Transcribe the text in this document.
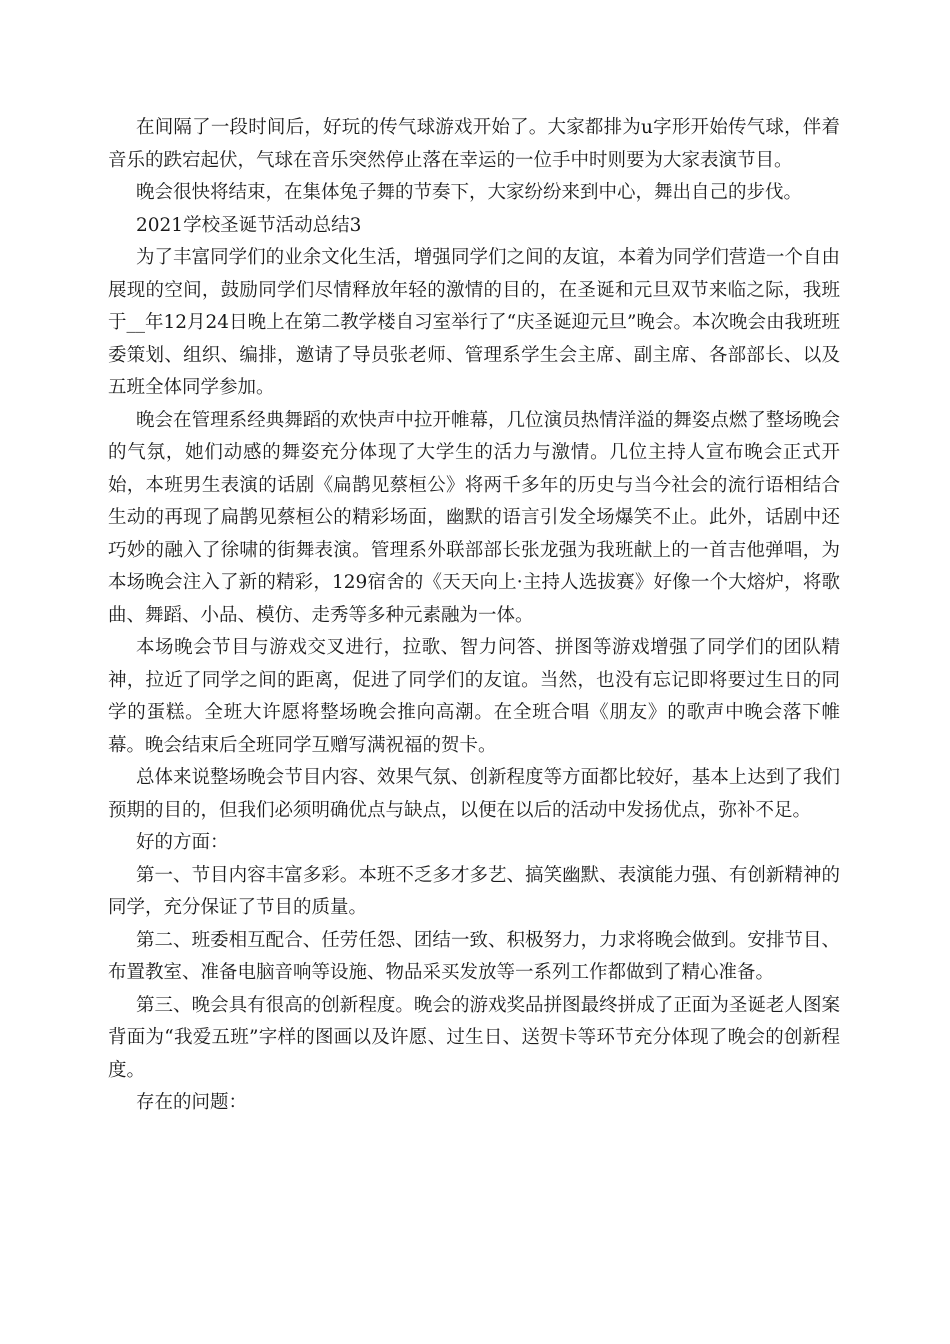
在间隔了一段时间后，好玩的传气球游戏开始了。大家都排为u字形开始传气球，伴着音乐的跌宕起伏，气球在音乐突然停止落在幸运的一位手中时则要为大家表演节目。

晚会很快将结束，在集体兔子舞的节奏下，大家纷纷来到中心，舞出自己的步伐。

2021学校圣诞节活动总结3

为了丰富同学们的业余文化生活，增强同学们之间的友谊，本着为同学们营造一个自由展现的空间，鼓励同学们尽情释放年轻的激情的目的，在圣诞和元旦双节来临之际，我班于__年12月24日晚上在第二教学楼自习室举行了“庆圣诞迎元旦”晚会。本次晚会由我班班委策划、组织、编排，邀请了导员张老师、管理系学生会主席、副主席、各部部长、以及五班全体同学参加。

晚会在管理系经典舞蹈的欢快声中拉开帷幕，几位演员热情洋溢的舞姿点燃了整场晚会的气氛，她们动感的舞姿充分体现了大学生的活力与激情。几位主持人宣布晚会正式开始，本班男生表演的话剧《扁鹊见蔡桓公》将两千多年的历史与当今社会的流行语相结合生动的再现了扁鹊见蔡桓公的精彩场面，幽默的语言引发全场爆笑不止。此外，话剧中还巧妙的融入了徐啸的街舞表演。管理系外联部部长张龙强为我班献上的一首吉他弹唱，为本场晚会注入了新的精彩，129宿舍的《天天向上·主持人选拔赛》好像一个大熔炉，将歌曲、舞蹈、小品、模仿、走秀等多种元素融为一体。

本场晚会节目与游戏交叉进行，拉歌、智力问答、拼图等游戏增强了同学们的团队精神，拉近了同学之间的距离，促进了同学们的友谊。当然，也没有忘记即将要过生日的同学的蛋糕。全班大许愿将整场晚会推向高潮。在全班合唱《朋友》的歌声中晚会落下帷幕。晚会结束后全班同学互赠写满祝福的贺卡。

总体来说整场晚会节目内容、效果气氛、创新程度等方面都比较好，基本上达到了我们预期的目的，但我们必须明确优点与缺点，以便在以后的活动中发扬优点，弥补不足。

好的方面：

第一、节目内容丰富多彩。本班不乏多才多艺、搞笑幽默、表演能力强、有创新精神的同学，充分保证了节目的质量。

第二、班委相互配合、任劳任怨、团结一致、积极努力，力求将晚会做到。安排节目、布置教室、准备电脑音响等设施、物品采买发放等一系列工作都做到了精心准备。

第三、晚会具有很高的创新程度。晚会的游戏奖品拼图最终拼成了正面为圣诞老人图案背面为“我爱五班”字样的图画以及许愿、过生日、送贺卡等环节充分体现了晚会的创新程度。

存在的问题：
